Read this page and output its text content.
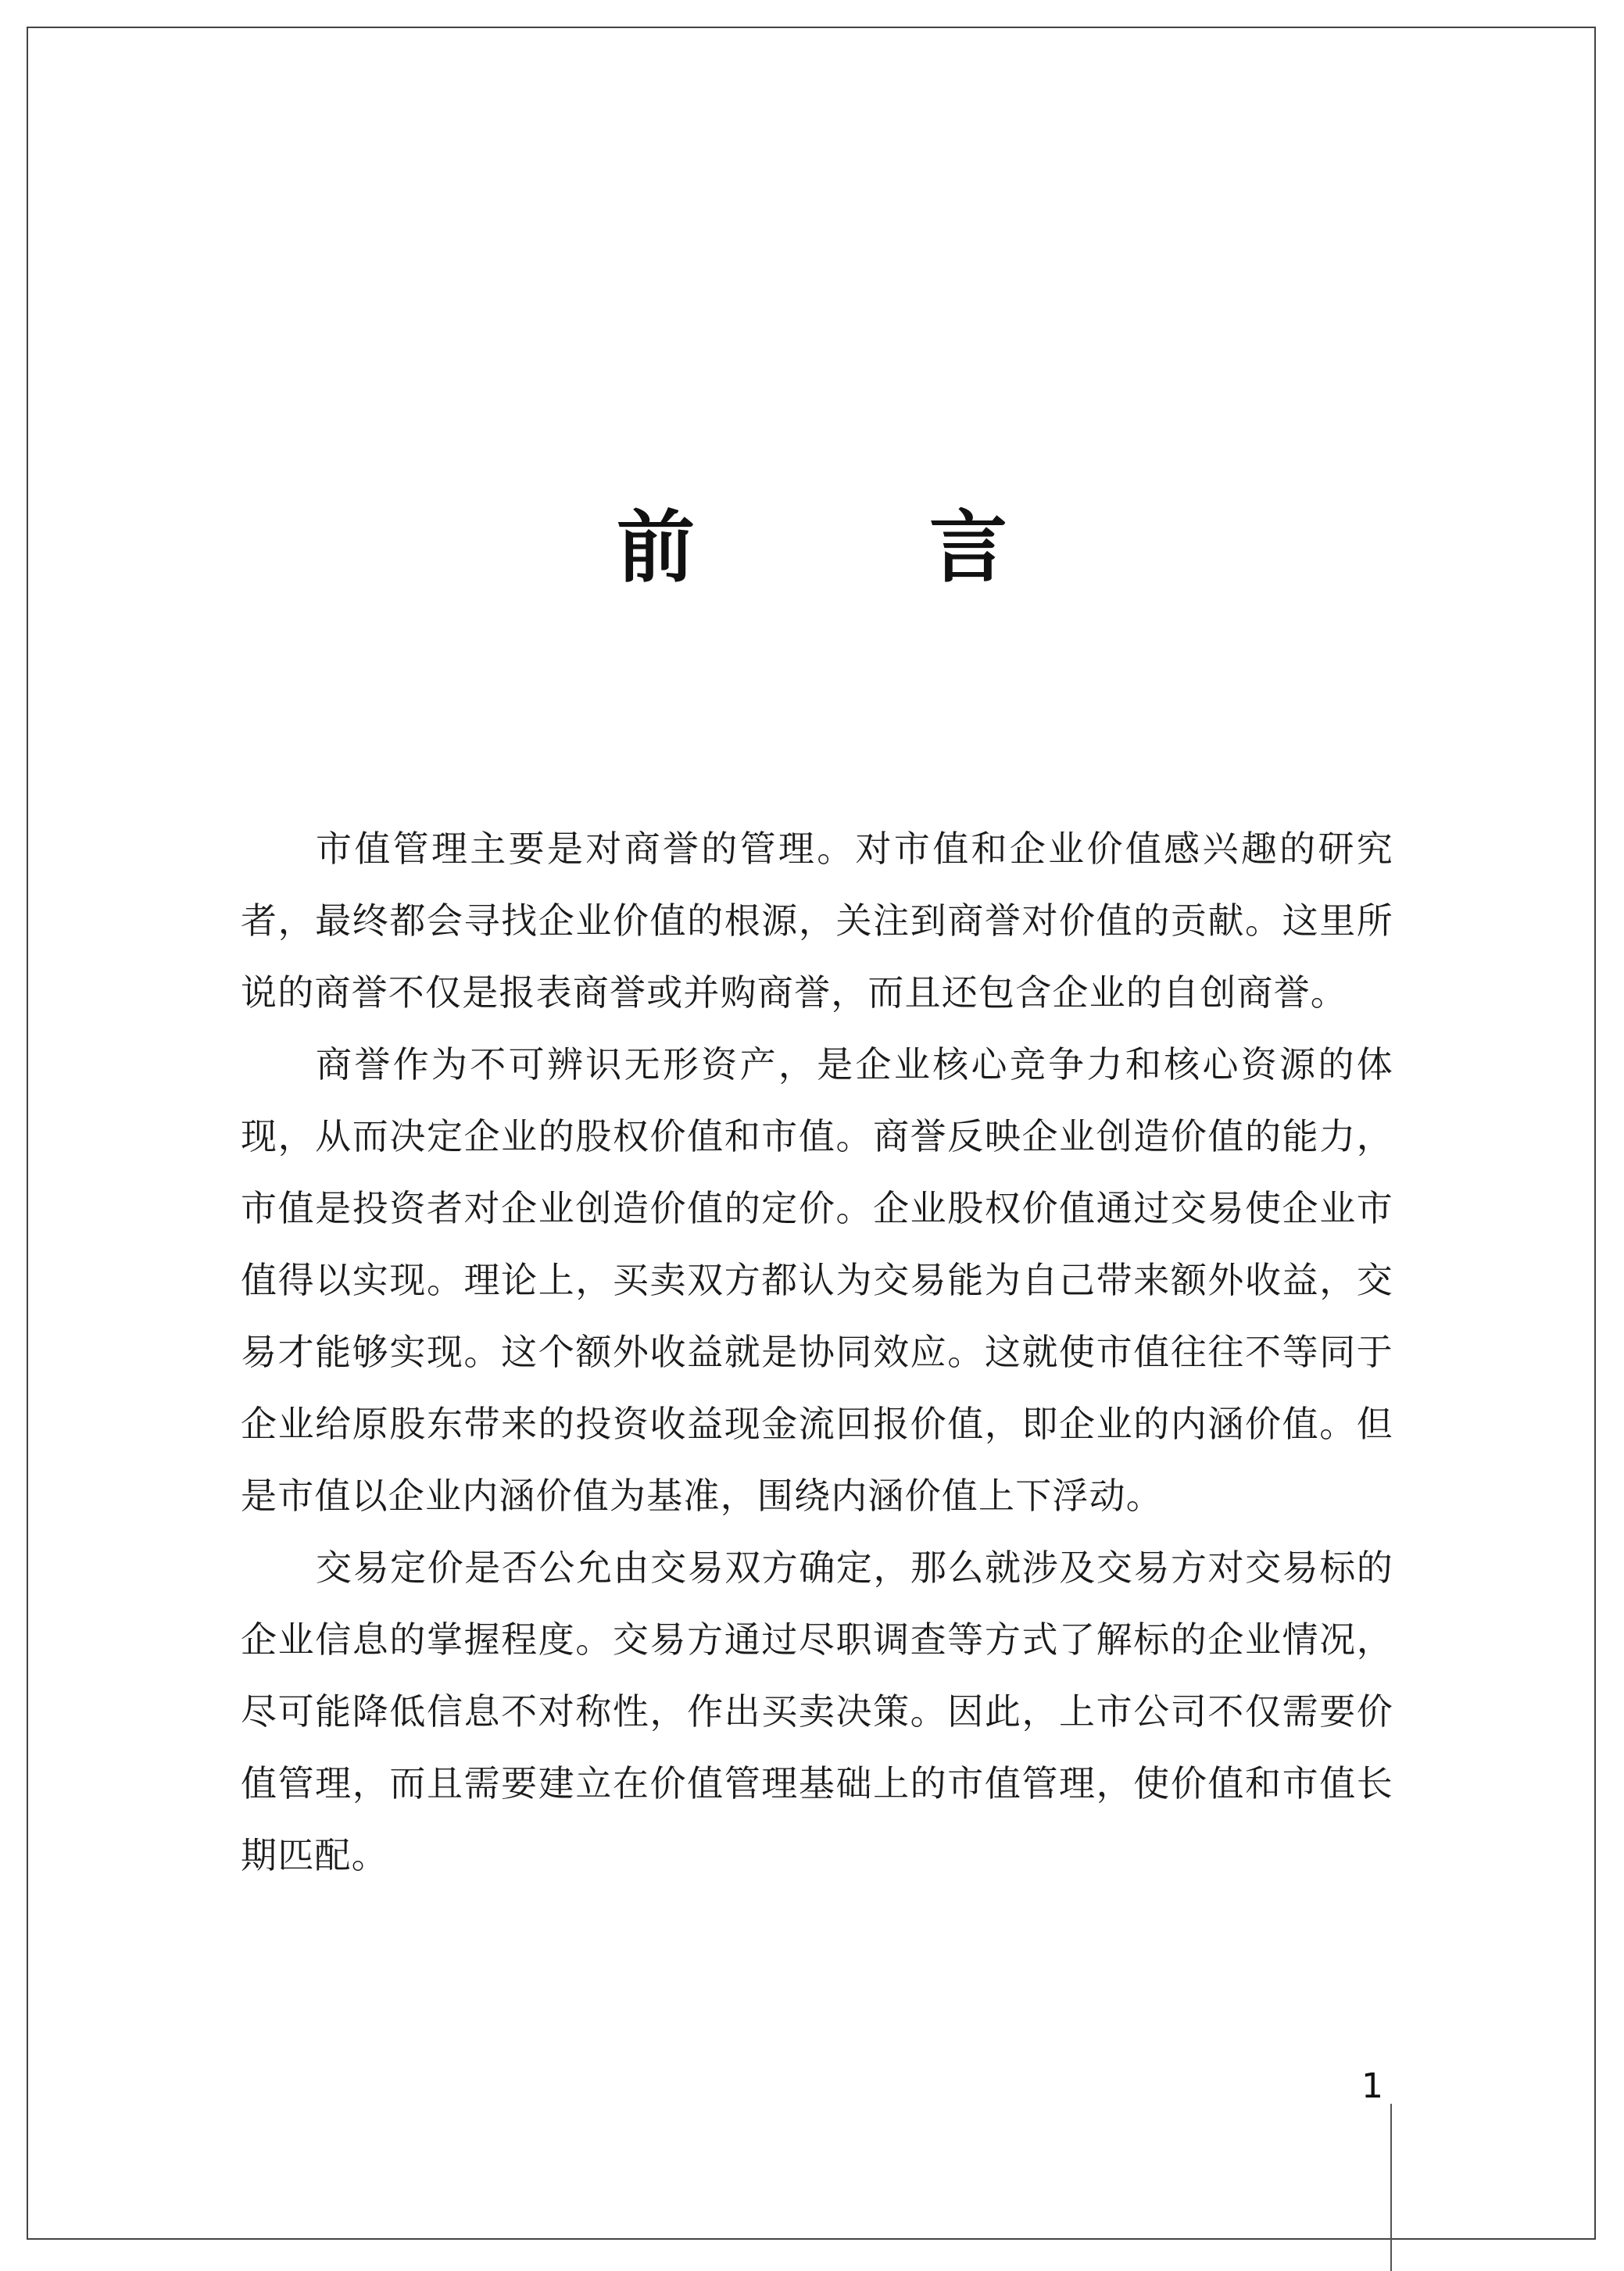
前　言

市值管理主要是对商誉的管理。对市值和企业价值感兴趣的研究者，最终都会寻找企业价值的根源，关注到商誉对价值的贡献。这里所说的商誉不仅是报表商誉或并购商誉，而且还包含企业的自创商誉。

商誉作为不可辨识无形资产，是企业核心竞争力和核心资源的体现，从而决定企业的股权价值和市值。商誉反映企业创造价值的能力，市值是投资者对企业创造价值的定价。企业股权价值通过交易使企业市值得以实现。理论上，买卖双方都认为交易能为自己带来额外收益，交易才能够实现。这个额外收益就是协同效应。这就使市值往往不等同于企业给原股东带来的投资收益现金流回报价值，即企业的内涵价值。但是市值以企业内涵价值为基准，围绕内涵价值上下浮动。

交易定价是否公允由交易双方确定，那么就涉及交易方对交易标的企业信息的掌握程度。交易方通过尽职调查等方式了解标的企业情况，尽可能降低信息不对称性，作出买卖决策。因此，上市公司不仅需要价值管理，而且需要建立在价值管理基础上的市值管理，使价值和市值长期匹配。

1
